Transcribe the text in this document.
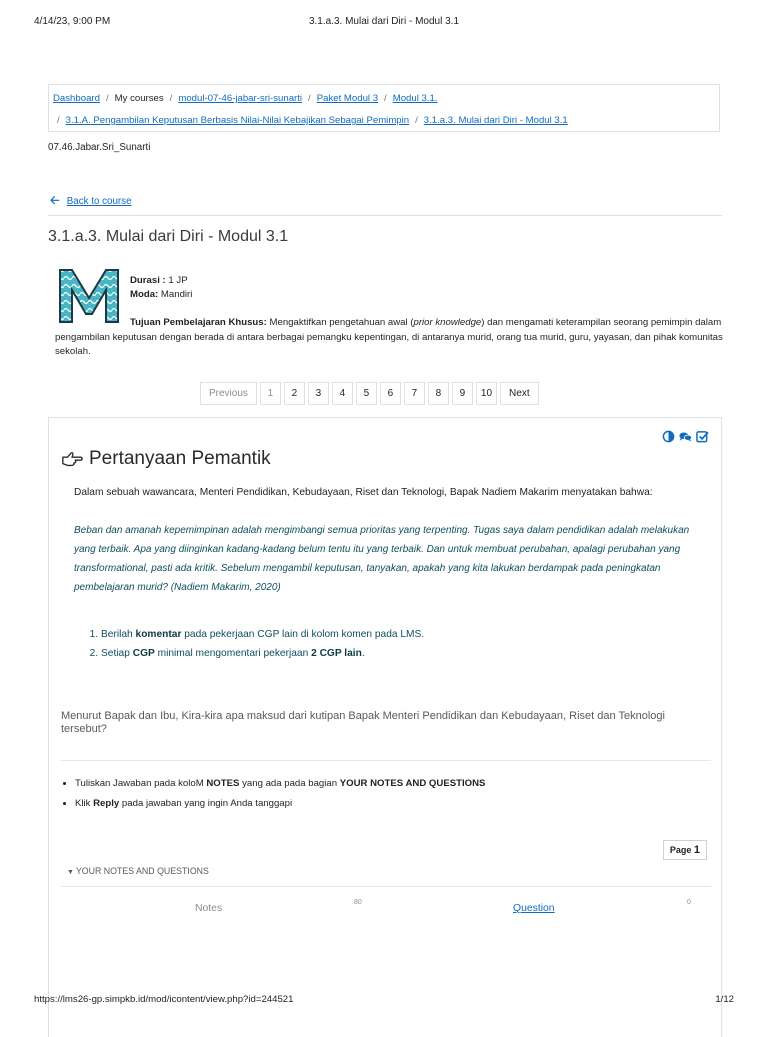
4/14/23, 9:00 PM	3.1.a.3. Mulai dari Diri - Modul 3.1
Dashboard / My courses / modul-07-46-jabar-sri-sunarti / Paket Modul 3 / Modul 3.1.
/ 3.1.A. Pengambilan Keputusan Berbasis Nilai-Nilai Kebajikan Sebagai Pemimpin / 3.1.a.3. Mulai dari Diri - Modul 3.1
07.46.Jabar.Sri_Sunarti
🡠 Back to course
3.1.a.3. Mulai dari Diri - Modul 3.1
Durasi : 1 JP
Moda: Mandiri
Tujuan Pembelajaran Khusus: Mengaktifkan pengetahuan awal (prior knowledge) dan mengamati keterampilan seorang pemimpin dalam pengambilan keputusan dengan berada di antara berbagai pemangku kepentingan, di antaranya murid, orang tua murid, guru, yayasan, dan pihak komunitas sekolah.
Previous	1	2	3	4	5	6	7	8	9	10	Next
Pertanyaan Pemantik
Dalam sebuah wawancara, Menteri Pendidikan, Kebudayaan, Riset dan Teknologi, Bapak Nadiem Makarim menyatakan bahwa:
Beban dan amanah kepemimpinan adalah mengimbangi semua prioritas yang terpenting. Tugas saya dalam pendidikan adalah melakukan yang terbaik. Apa yang diinginkan kadang-kadang belum tentu itu yang terbaik. Dan untuk membuat perubahan, apalagi perubahan yang transformational, pasti ada kritik. Sebelum mengambil keputusan, tanyakan, apakah yang kita lakukan berdampak pada peningkatan pembelajaran murid? (Nadiem Makarim, 2020)
1. Berilah komentar pada pekerjaan CGP lain di kolom komen pada LMS.
2. Setiap CGP minimal mengomentari pekerjaan 2 CGP lain.
Menurut Bapak dan Ibu, Kira-kira apa maksud dari kutipan Bapak Menteri Pendidikan dan Kebudayaan, Riset dan Teknologi tersebut?
• Tuliskan Jawaban pada koloM NOTES yang ada pada bagian YOUR NOTES AND QUESTIONS
• Klik Reply pada jawaban yang ingin Anda tanggapi
Page 1
▼ YOUR NOTES AND QUESTIONS
Notes
80
Question
0
https://lms26-gp.simpkb.id/mod/icontent/view.php?id=244521	1/12
